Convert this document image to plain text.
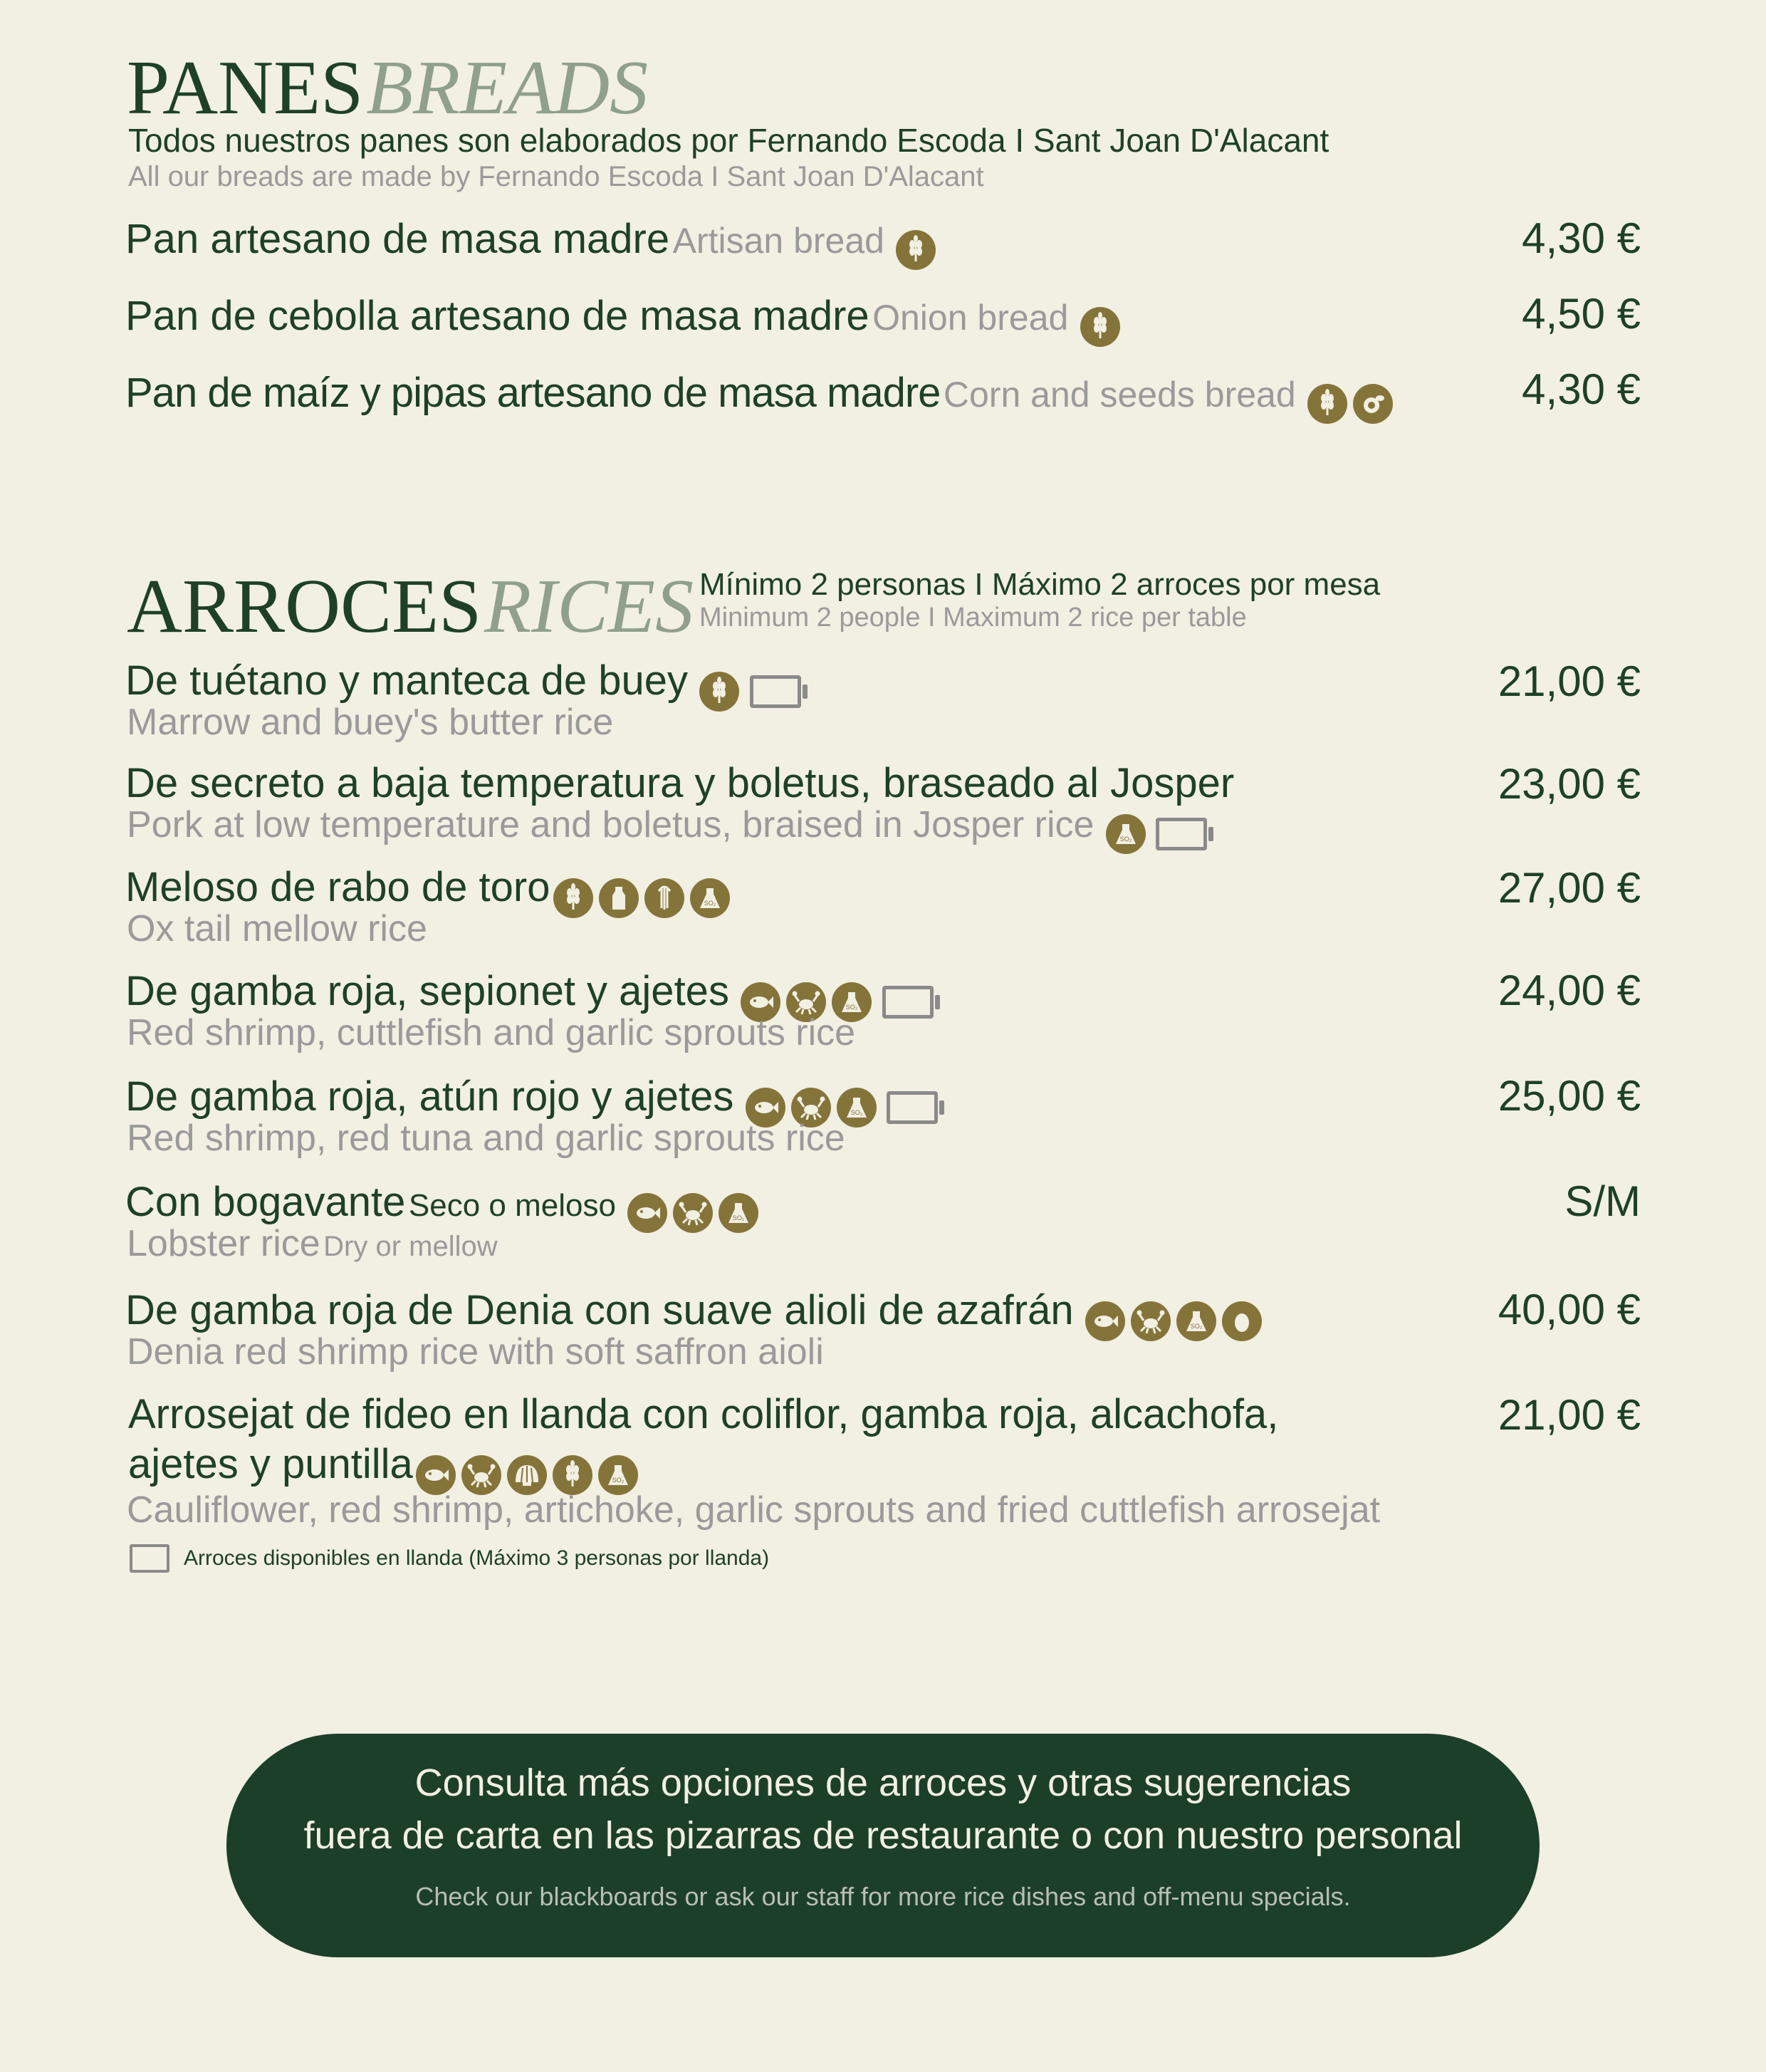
PANES BREADS
Todos nuestros panes son elaborados por Fernando Escoda I Sant Joan D'Alacant
All our breads are made by Fernando Escoda I Sant Joan D'Alacant
Pan artesano de masa madre Artisan bread	4,30 €
Pan de cebolla artesano de masa madre Onion bread	4,50 €
Pan de maíz y pipas artesano de masa madre Corn and seeds bread	4,30 €
ARROCES RICES Mínimo 2 personas I Máximo 2 arroces por mesa
Minimum 2 people I Maximum 2 rice per table
De tuétano y manteca de buey

Marrow and buey's butter rice
21,00 €
De secreto a baja temperatura y boletus, braseado al Josper
Pork at low temperature and boletus, braised in Josper rice

23,00 €
Meloso de rabo de toro
Ox tail mellow rice
27,00 €
De gamba roja, sepionet y ajetes

Red shrimp, cuttlefish and garlic sprouts rice
24,00 €
De gamba roja, atún rojo y ajetes

Red shrimp, red tuna and garlic sprouts rice
25,00 €
Con bogavante Seco o meloso
Lobster rice Dry or mellow
S/M
De gamba roja de Denia con suave alioli de azafrán
Denia red shrimp rice with soft saffron aioli
40,00 €
Arrosejat de fideo en llanda con coliflor, gamba roja, alcachofa,
ajetes y puntilla
Cauliflower, red shrimp, artichoke, garlic sprouts and fried cuttlefish arrosejat
21,00 €
Arroces disponibles en llanda (Máximo 3 personas por llanda)
Consulta más opciones de arroces y otras sugerencias
fuera de carta en las pizarras de restaurante o con nuestro personal
Check our blackboards or ask our staff for more rice dishes and off-menu specials.
